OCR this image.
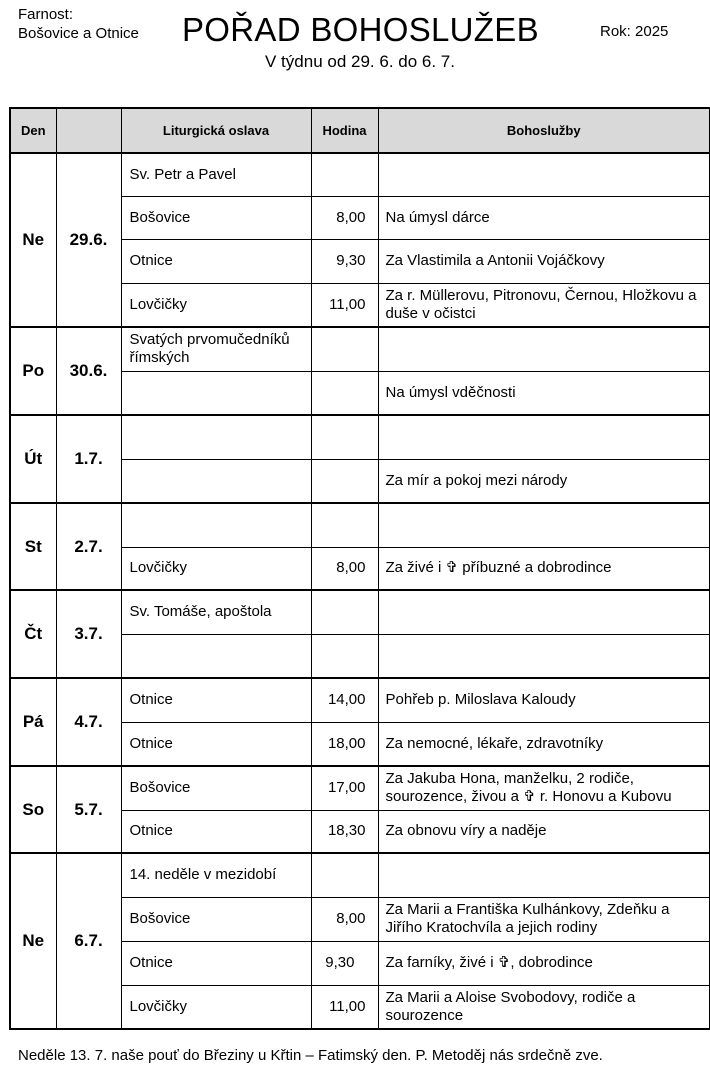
Farnost:
Bošovice a Otnice POŘAD BOHOSLUŽEB	Rok: 2025
V týdnu od 29. 6. do 6. 7.
Den		Liturgická oslava	Hodina	Bohoslužby
Ne	29.6.	Sv. Petr a Pavel		
		Bošovice	8,00	Na úmysl dárce
		Otnice	9,30	Za Vlastimila a Antonii Vojáčkovy
		Lovčičky	11,00	Za r. Müllerovu, Pitronovu, Černou, Hložkovu a duše v očistci
Po	30.6.	Svatých prvomučedníků římských		
				Na úmysl vděčnosti
Út	1.7.			
				Za mír a pokoj mezi národy
St	2.7.			
		Lovčičky	8,00	Za živé i ✞ příbuzné a dobrodince
Čt	3.7.	Sv. Tomáše, apoštola		

Pá	4.7.	Otnice	14,00	Pohřeb p. Miloslava Kaloudy
		Otnice	18,00	Za nemocné, lékaře, zdravotníky
So	5.7.	Bošovice	17,00	Za Jakuba Hona, manželku, 2 rodiče, sourozence, živou a ✞ r. Honovu a Kubovu
		Otnice	18,30	Za obnovu víry a naděje
Ne	6.7.	14. neděle v mezidobí		
		Bošovice	8,00	Za Marii a Františka Kulhánkovy, Zdeňku a Jiřího Kratochvíla a jejich rodiny
		Otnice	9,30	Za farníky, živé i ✞, dobrodince
		Lovčičky	11,00	Za Marii a Aloise Svobodovy, rodiče a sourozence
Neděle 13. 7. naše pouť do Březiny u Křtin – Fatimský den. P. Metoděj nás srdečně zve.
